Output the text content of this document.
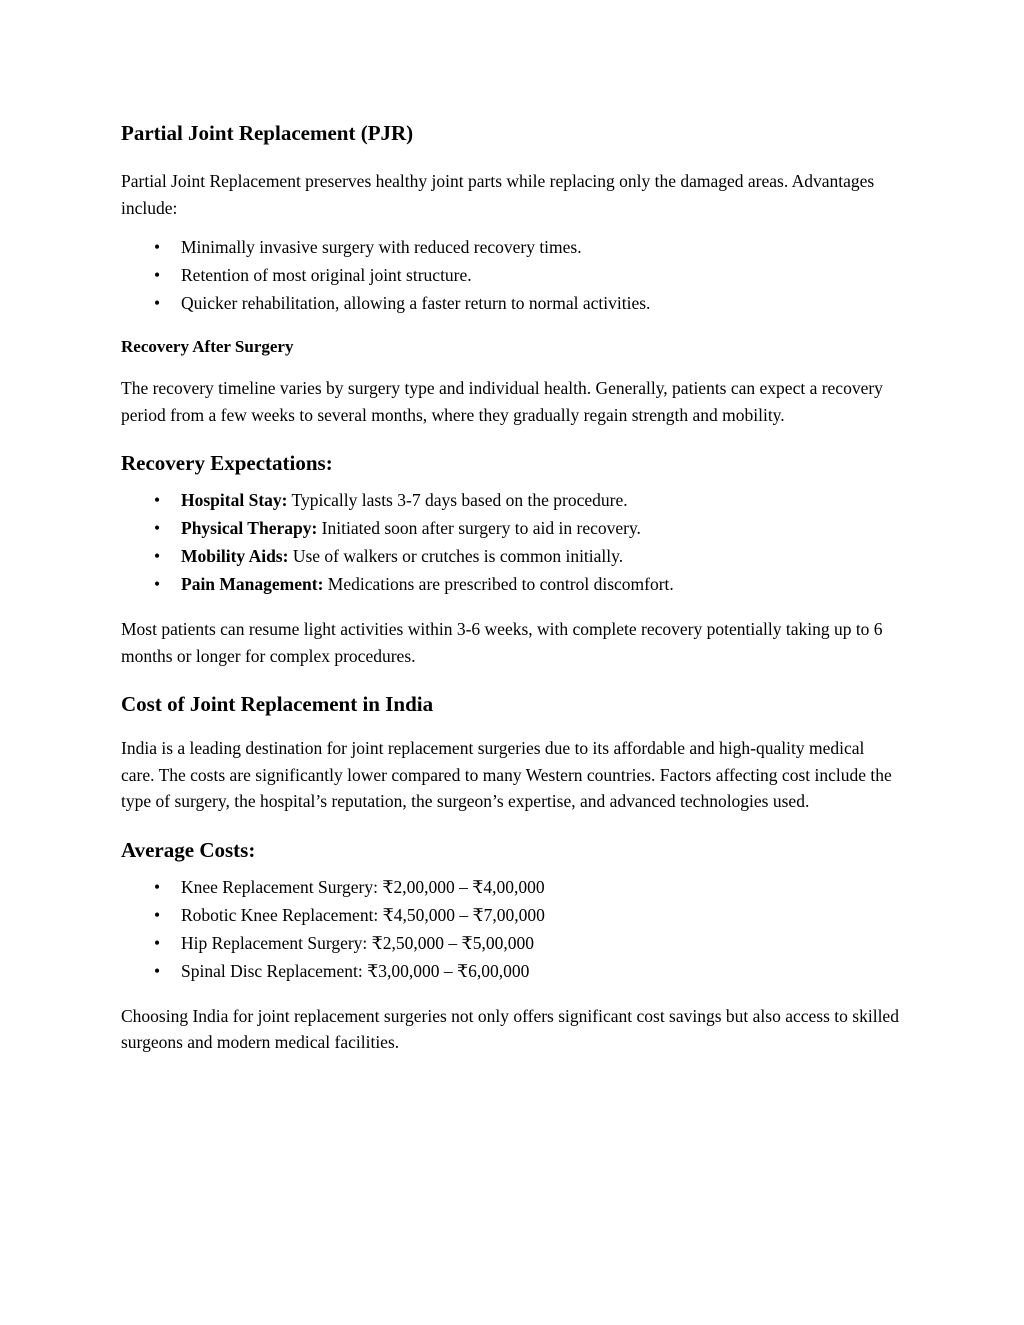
Partial Joint Replacement (PJR)

Partial Joint Replacement preserves healthy joint parts while replacing only the damaged areas. Advantages include:

• Minimally invasive surgery with reduced recovery times.
• Retention of most original joint structure.
• Quicker rehabilitation, allowing a faster return to normal activities.
Recovery After Surgery

The recovery timeline varies by surgery type and individual health. Generally, patients can expect a recovery period from a few weeks to several months, where they gradually regain strength and mobility.

Recovery Expectations:
• Hospital Stay: Typically lasts 3-7 days based on the procedure.
• Physical Therapy: Initiated soon after surgery to aid in recovery.
• Mobility Aids: Use of walkers or crutches is common initially.
• Pain Management: Medications are prescribed to control discomfort.

Most patients can resume light activities within 3-6 weeks, with complete recovery potentially taking up to 6 months or longer for complex procedures.

Cost of Joint Replacement in India

India is a leading destination for joint replacement surgeries due to its affordable and high-quality medical care. The costs are significantly lower compared to many Western countries. Factors affecting cost include the type of surgery, the hospital’s reputation, the surgeon’s expertise, and advanced technologies used.

Average Costs:
• Knee Replacement Surgery: ₹2,00,000 – ₹4,00,000
• Robotic Knee Replacement: ₹4,50,000 – ₹7,00,000
• Hip Replacement Surgery: ₹2,50,000 – ₹5,00,000
• Spinal Disc Replacement: ₹3,00,000 – ₹6,00,000

Choosing India for joint replacement surgeries not only offers significant cost savings but also access to skilled surgeons and modern medical facilities.
